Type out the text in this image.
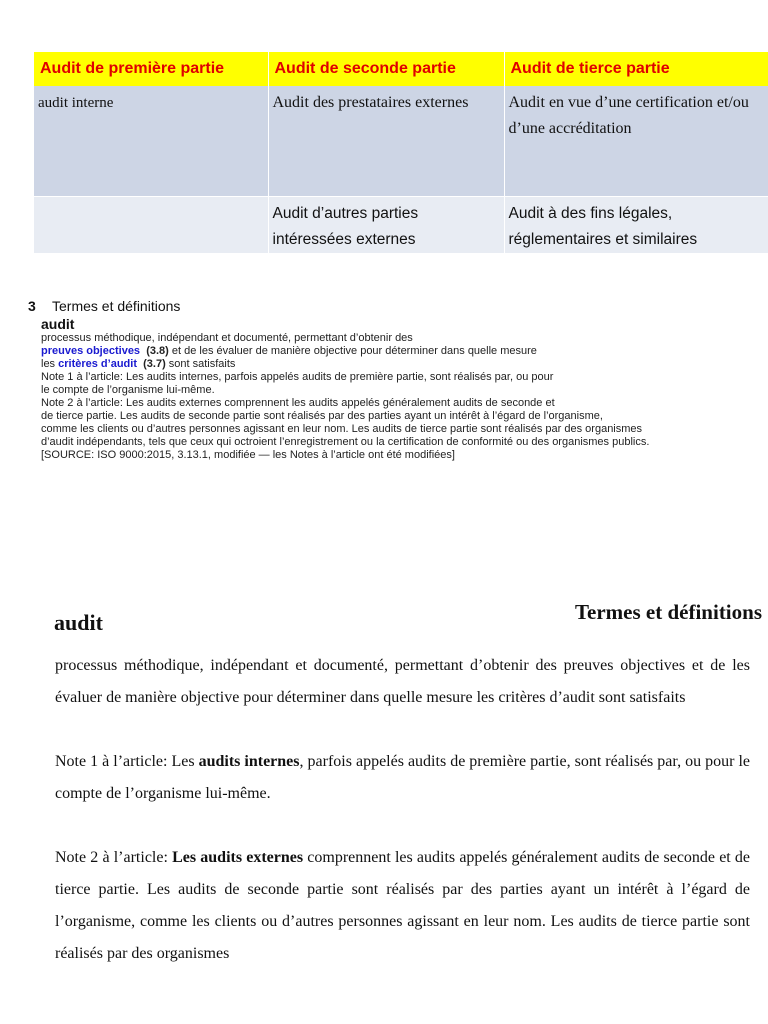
Audit de première partie	Audit de seconde partie	Audit de tierce partie
audit interne	Audit des prestataires externes	Audit en vue d’une certification et/ou d’une accréditation
	Audit d’autres parties intéressées externes	Audit à des fins légales, réglementaires et similaires
3 Termes et définitions
audit
processus méthodique, indépendant et documenté, permettant d’obtenir des
preuves objectives (3.8) et de les évaluer de manière objective pour déterminer dans quelle mesure
les critères d’audit (3.7) sont satisfaits
Note 1 à l’article: Les audits internes, parfois appelés audits de première partie, sont réalisés par, ou pour
le compte de l’organisme lui-même.
Note 2 à l’article: Les audits externes comprennent les audits appelés généralement audits de seconde et
de tierce partie. Les audits de seconde partie sont réalisés par des parties ayant un intérêt à l’égard de l’organisme,
comme les clients ou d’autres personnes agissant en leur nom. Les audits de tierce partie sont réalisés par des organismes
d’audit indépendants, tels que ceux qui octroient l’enregistrement ou la certification de conformité ou des organismes publics.
[SOURCE: ISO 9000:2015, 3.13.1, modifiée — les Notes à l’article ont été modifiées]
Termes et définitions
audit

processus méthodique, indépendant et documenté, permettant d’obtenir des preuves objectives et de les évaluer de manière objective pour déterminer dans quelle mesure les critères d’audit sont satisfaits

Note 1 à l’article: Les audits internes, parfois appelés audits de première partie, sont réalisés par, ou pour le compte de l’organisme lui-même.

Note 2 à l’article: Les audits externes comprennent les audits appelés généralement audits de seconde et de tierce partie. Les audits de seconde partie sont réalisés par des parties ayant un intérêt à l’égard de l’organisme, comme les clients ou d’autres personnes agissant en leur nom. Les audits de tierce partie sont réalisés par des organismes
